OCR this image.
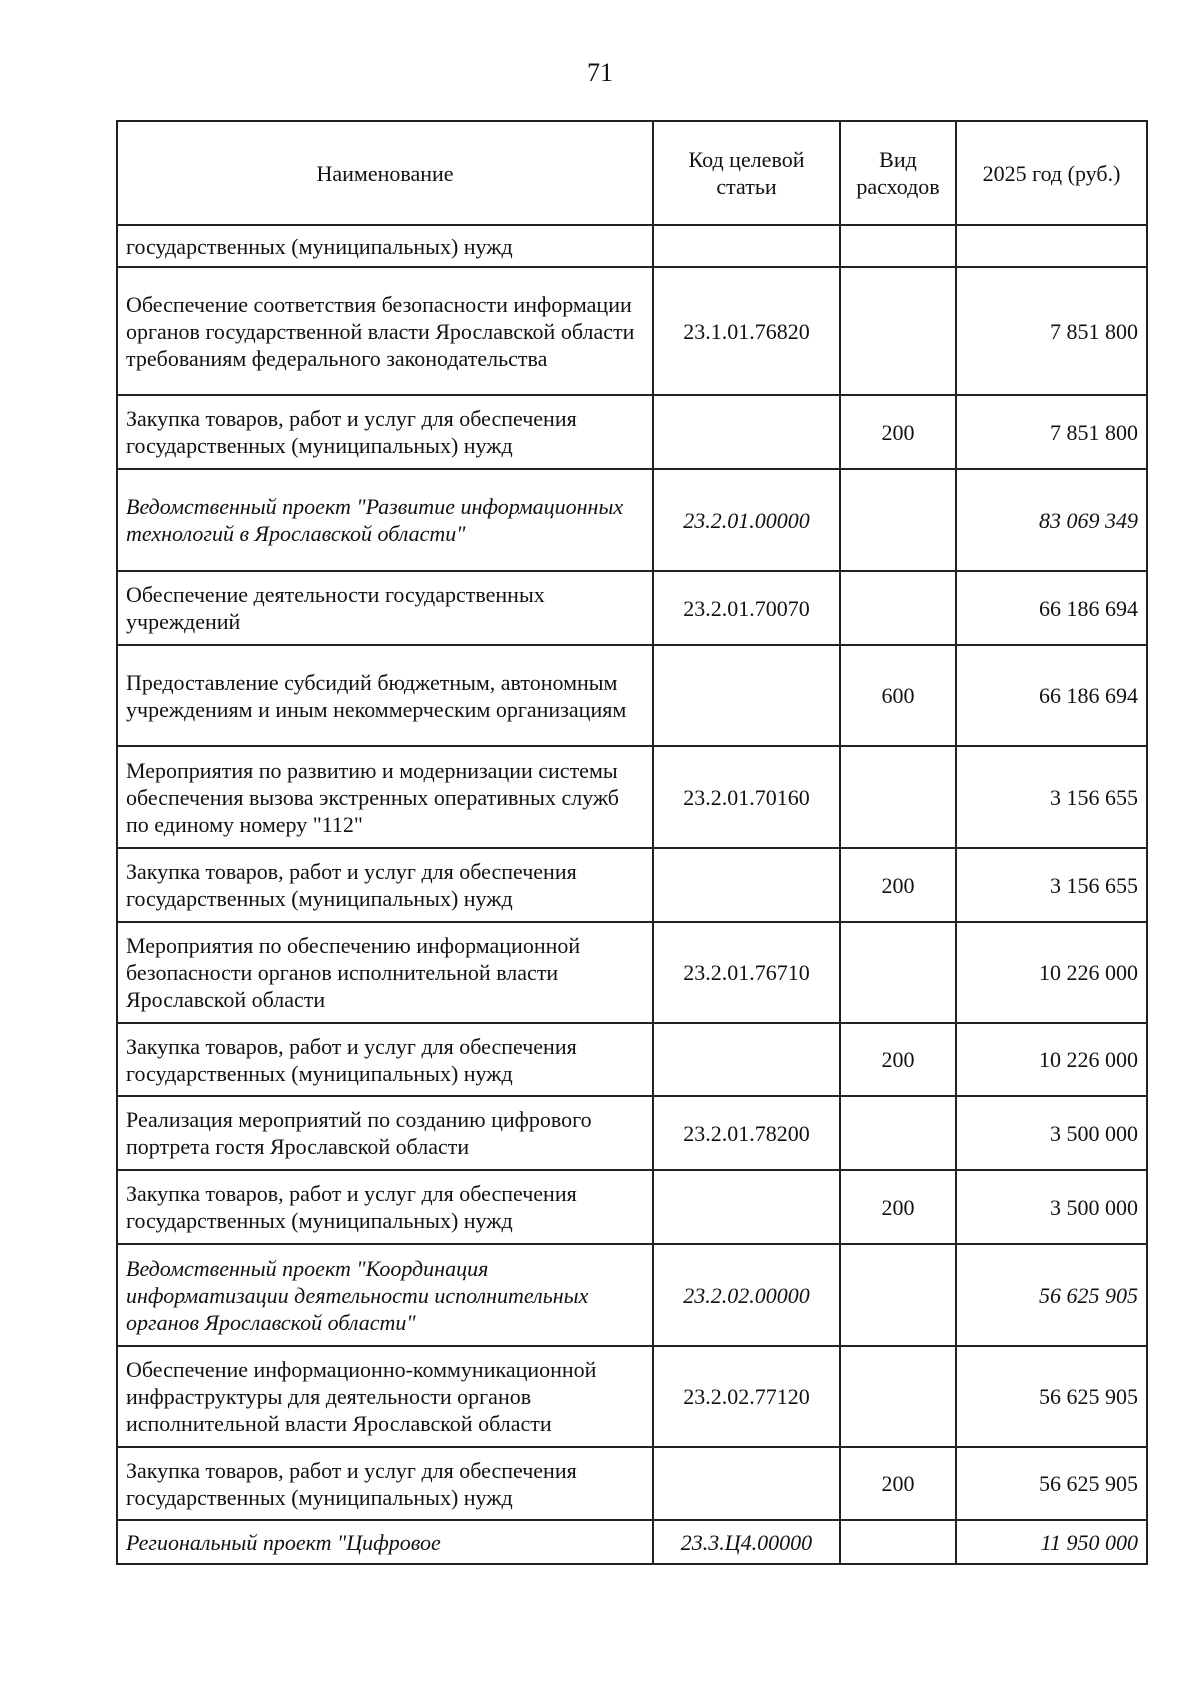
71
Наименование	Код целевой статьи	Вид расходов	2025 год (руб.)
государственных (муниципальных) нужд			
Обеспечение соответствия безопасности информации органов государственной власти Ярославской области требованиям федерального законодательства	23.1.01.76820		7 851 800
Закупка товаров, работ и услуг для обеспечения государственных (муниципальных) нужд		200	7 851 800
Ведомственный проект "Развитие информационных технологий в Ярославской области"	23.2.01.00000		83 069 349
Обеспечение деятельности государственных учреждений	23.2.01.70070		66 186 694
Предоставление субсидий бюджетным, автономным учреждениям и иным некоммерческим организациям		600	66 186 694
Мероприятия по развитию и модернизации системы обеспечения вызова экстренных оперативных служб по единому номеру "112"	23.2.01.70160		3 156 655
Закупка товаров, работ и услуг для обеспечения государственных (муниципальных) нужд		200	3 156 655
Мероприятия по обеспечению информационной безопасности органов исполнительной власти Ярославской области	23.2.01.76710		10 226 000
Закупка товаров, работ и услуг для обеспечения государственных (муниципальных) нужд		200	10 226 000
Реализация мероприятий по созданию цифрового портрета гостя Ярославской области	23.2.01.78200		3 500 000
Закупка товаров, работ и услуг для обеспечения государственных (муниципальных) нужд		200	3 500 000
Ведомственный проект "Координация информатизации деятельности исполнительных органов Ярославской области"	23.2.02.00000		56 625 905
Обеспечение информационно-коммуникационной инфраструктуры для деятельности органов исполнительной власти Ярославской области	23.2.02.77120		56 625 905
Закупка товаров, работ и услуг для обеспечения государственных (муниципальных) нужд		200	56 625 905
Региональный проект "Цифровое	23.3.Ц4.00000		11 950 000
